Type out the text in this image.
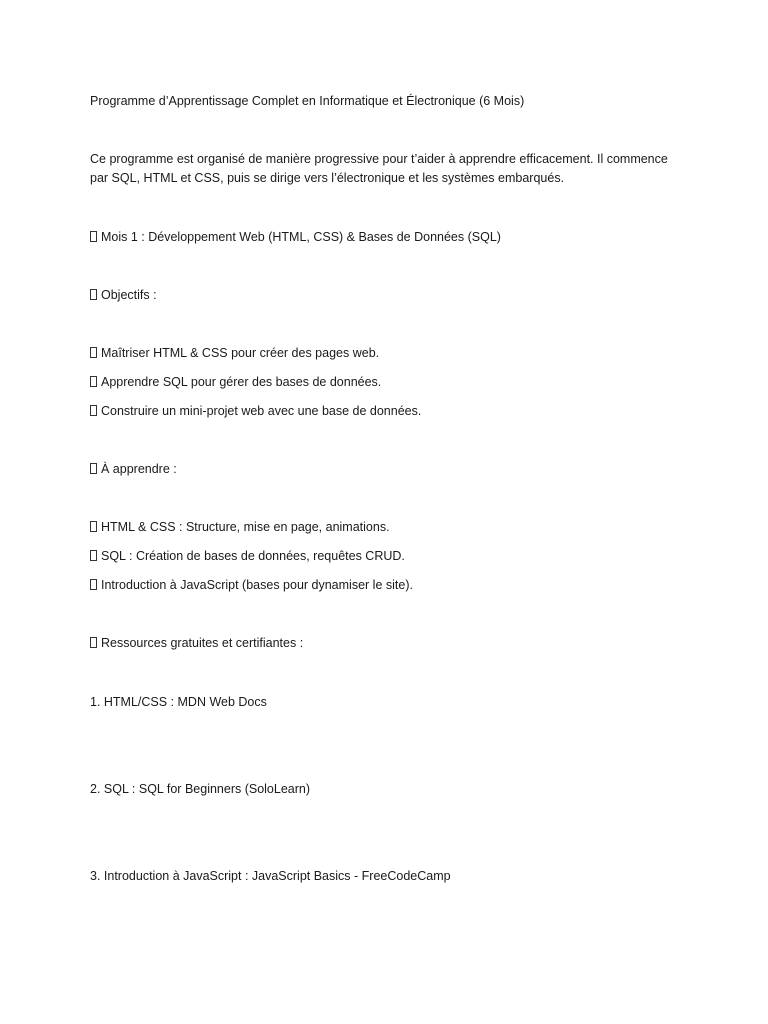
Programme d’Apprentissage Complet en Informatique et Électronique (6 Mois)
Ce programme est organisé de manière progressive pour t’aider à apprendre efficacement. Il commence
par SQL, HTML et CSS, puis se dirige vers l’électronique et les systèmes embarqués.
Mois 1 : Développement Web (HTML, CSS) & Bases de Données (SQL)
Objectifs :
Maîtriser HTML & CSS pour créer des pages web.
Apprendre SQL pour gérer des bases de données.
Construire un mini-projet web avec une base de données.
À apprendre :
HTML & CSS : Structure, mise en page, animations.
SQL : Création de bases de données, requêtes CRUD.
Introduction à JavaScript (bases pour dynamiser le site).
Ressources gratuites et certifiantes :
1. HTML/CSS : MDN Web Docs
2. SQL : SQL for Beginners (SoloLearn)
3. Introduction à JavaScript : JavaScript Basics - FreeCodeCamp
